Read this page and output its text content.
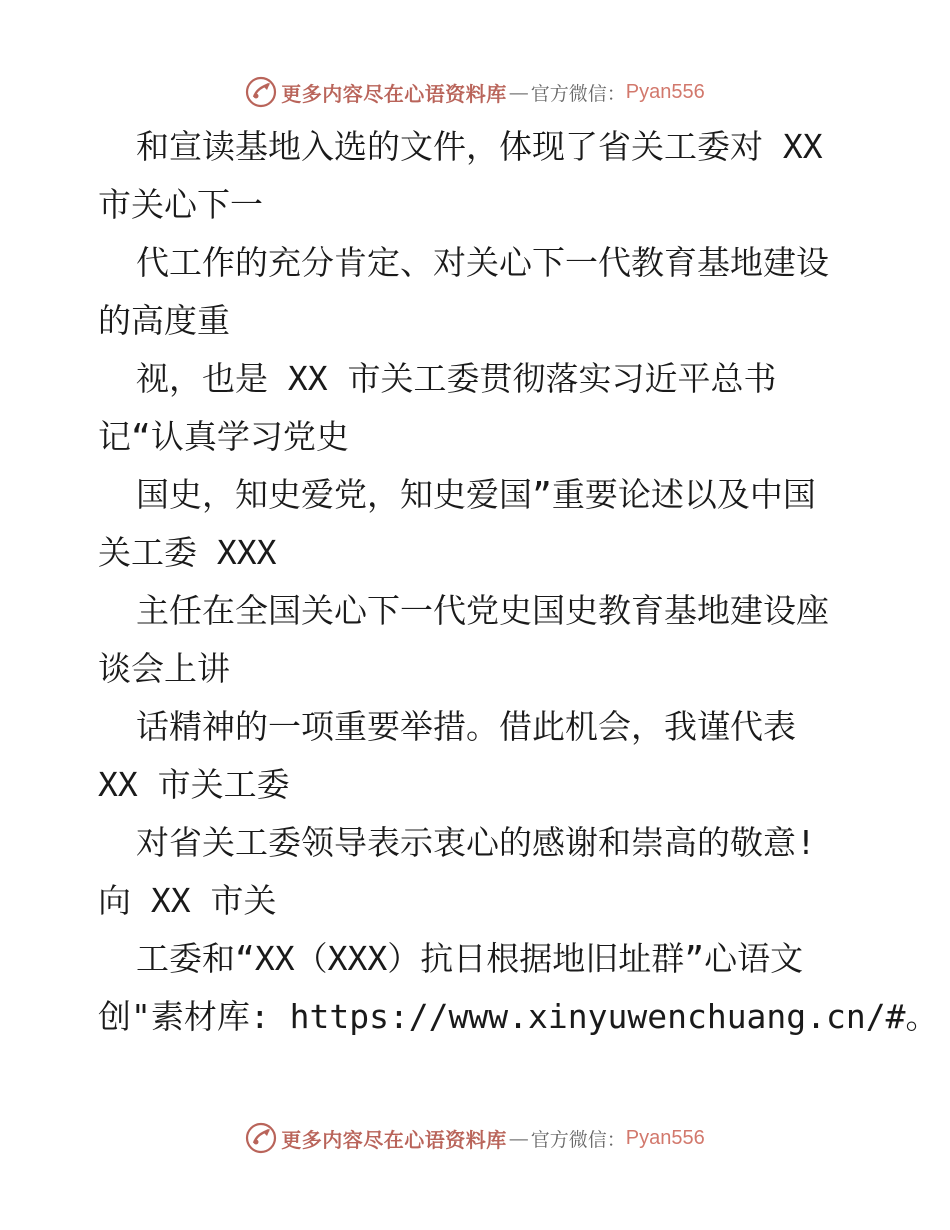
更多内容尽在心语资料库 — 官方微信： Pyan556
和宣读基地入选的文件，体现了省关工委对 XX
市关心下一
代工作的充分肯定、对关心下一代教育基地建设
的高度重
视，也是 XX 市关工委贯彻落实习近平总书
记“认真学习党史
国史，知史爱党，知史爱国”重要论述以及中国
关工委 XXX
主任在全国关心下一代党史国史教育基地建设座
谈会上讲
话精神的一项重要举措。借此机会，我谨代表
XX 市关工委
对省关工委领导表示衷心的感谢和崇高的敬意!
向 XX 市关
工委和“XX（XXX）抗日根据地旧址群”心语文
创"素材库: https://www.xinyuwenchuang.cn/#。
更多内容尽在心语资料库 — 官方微信： Pyan556
